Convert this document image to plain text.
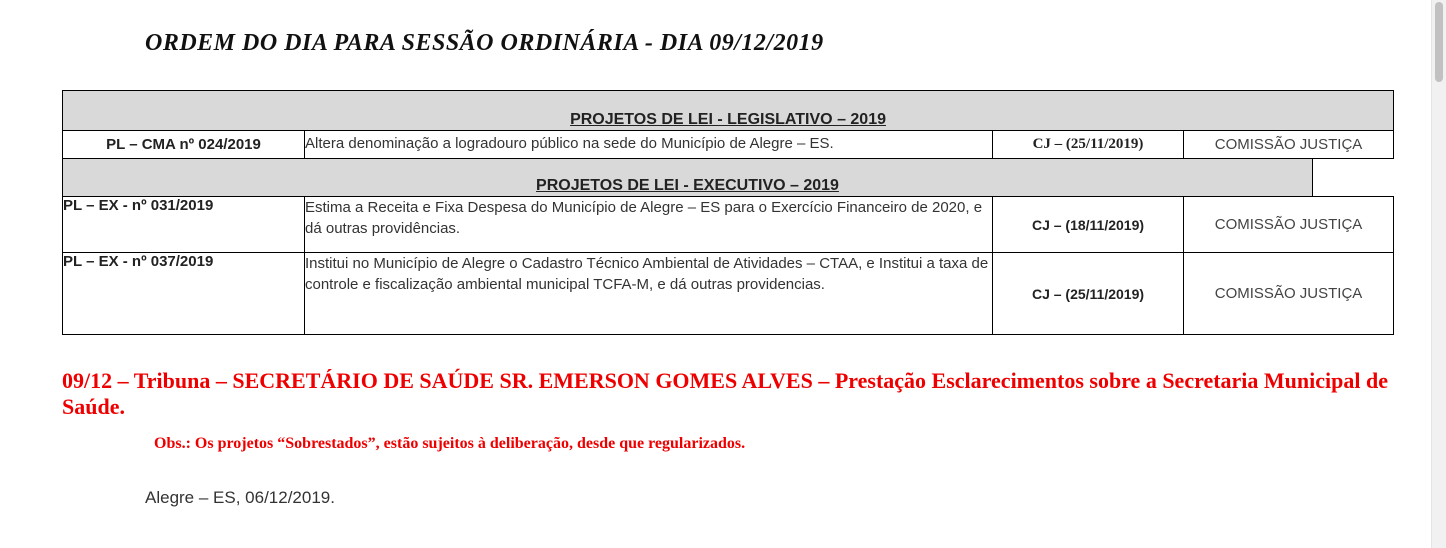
ORDEM DO DIA PARA SESSÃO ORDINÁRIA - DIA 09/12/2019
PROJETOS DE LEI - LEGISLATIVO – 2019				
PL – CMA nº 024/2019	Altera denominação a logradouro público na sede do Município de Alegre – ES.	CJ – (25/11/2019)	COMISSÃO JUSTIÇA	
PROJETOS DE LEI - EXECUTIVO – 2019				
PL – EX - nº 031/2019	Estima a Receita e Fixa Despesa do Município de Alegre – ES para o Exercício Financeiro de 2020, e dá outras providências.	CJ – (18/11/2019)	COMISSÃO JUSTIÇA	
PL – EX - nº 037/2019	Institui no Município de Alegre o Cadastro Técnico Ambiental de Atividades – CTAA, e Institui a taxa de controle e fiscalização ambiental municipal TCFA-M, e dá outras providencias.	CJ – (25/11/2019)	COMISSÃO JUSTIÇA	

09/12 – Tribuna – SECRETÁRIO DE SAÚDE SR. EMERSON GOMES ALVES – Prestação Esclarecimentos sobre a Secretaria Municipal de Saúde.

Obs.: Os projetos “Sobrestados”, estão sujeitos à deliberação, desde que regularizados.

Alegre – ES, 06/12/2019.
